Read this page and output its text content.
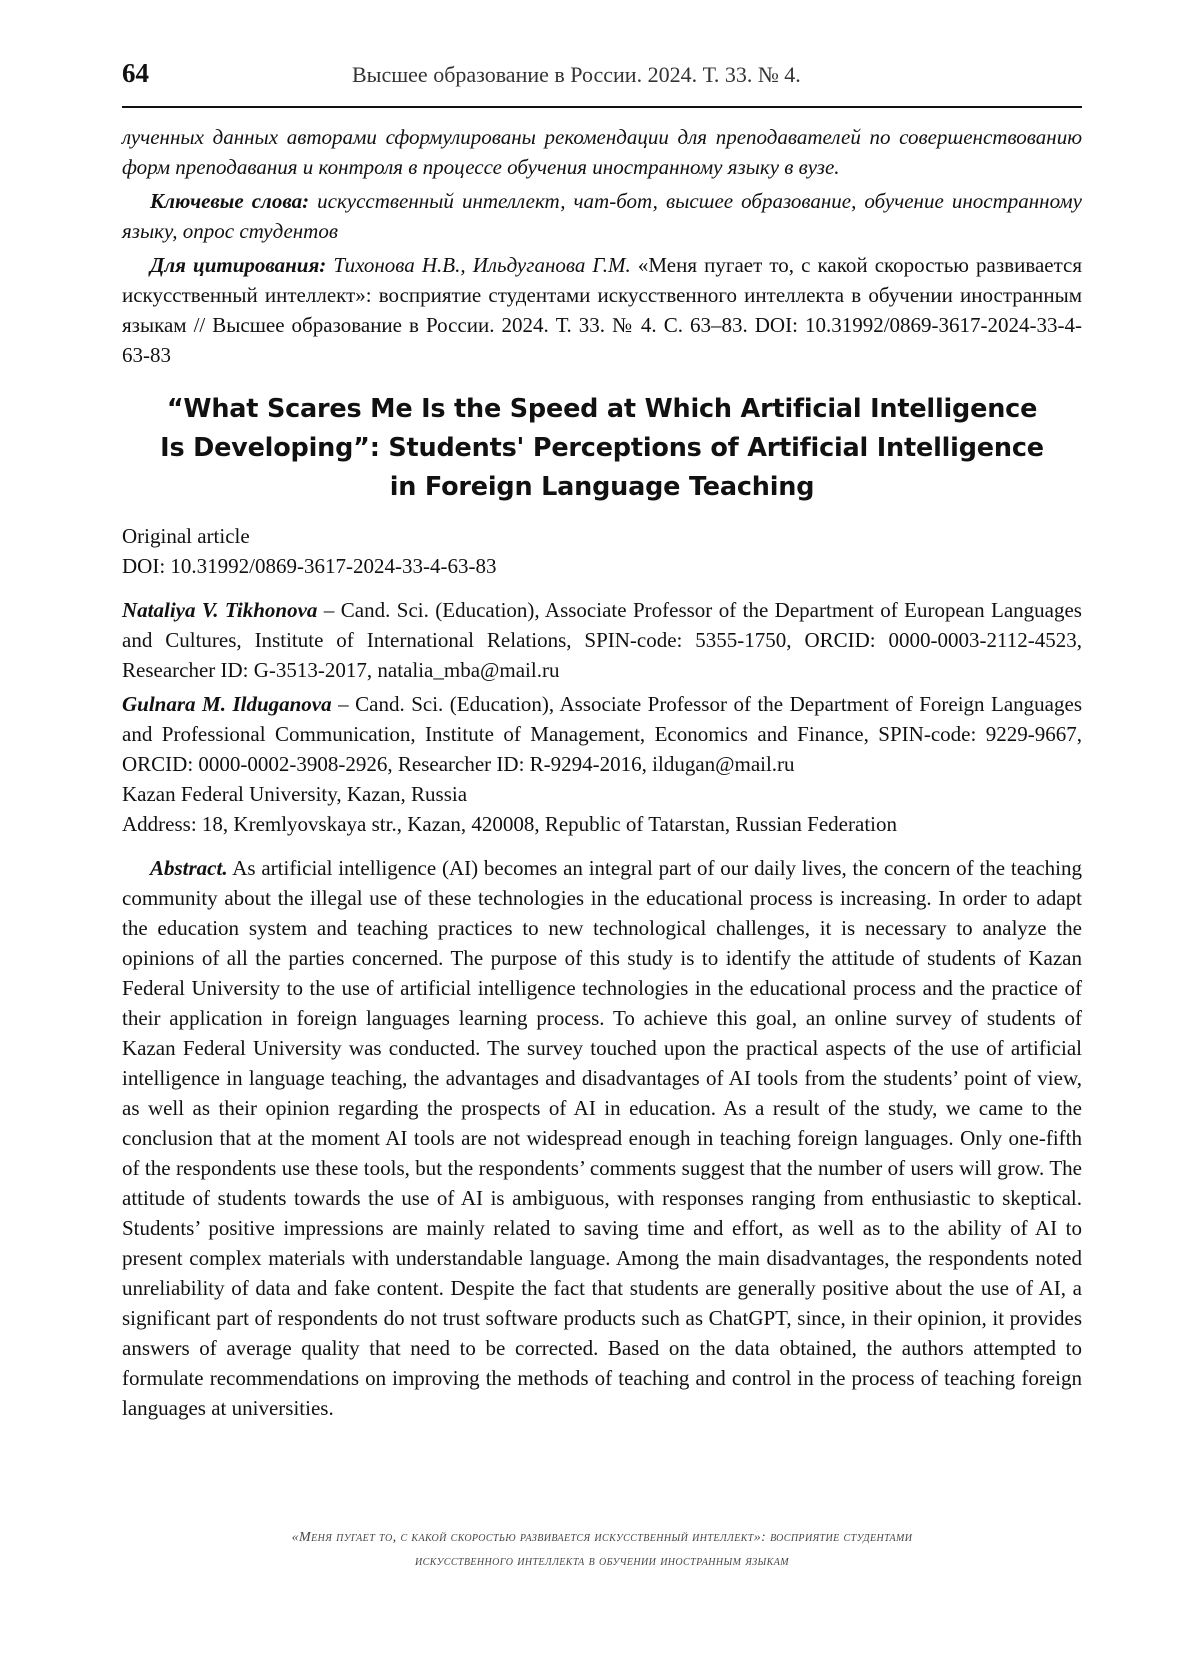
64	Высшее образование в России. 2024. Т. 33. № 4.

лученных данных авторами сформулированы рекомендации для преподавателей по совершенствованию форм преподавания и контроля в процессе обучения иностранному языку в вузе.

Ключевые слова: искусственный интеллект, чат-бот, высшее образование, обучение иностранному языку, опрос студентов

Для цитирования: Тихонова Н.В., Ильдуганова Г.М. «Меня пугает то, с какой скоростью развивается искусственный интеллект»: восприятие студентами искусственного интеллекта в обучении иностранным языкам // Высшее образование в России. 2024. Т. 33. № 4. С. 63–83. DOI: 10.31992/0869-3617-2024-33-4-63-83

“What Scares Me Is the Speed at Which Artificial Intelligence
Is Developing”: Students' Perceptions of Artificial Intelligence
in Foreign Language Teaching

Original article

DOI: 10.31992/0869-3617-2024-33-4-63-83

Nataliya V. Tikhonova – Cand. Sci. (Education), Associate Professor of the Department of European Languages and Cultures, Institute of International Relations, SPIN-code: 5355-1750, ORCID: 0000-0003-2112-4523, Researcher ID: G-3513-2017, natalia_mba@mail.ru

Gulnara M. Ilduganova – Cand. Sci. (Education), Associate Professor of the Department of Foreign Languages and Professional Communication, Institute of Management, Economics and Finance, SPIN-code: 9229-9667, ORCID: 0000-0002-3908-2926, Researcher ID: R-9294-2016, ildugan@mail.ru

Kazan Federal University, Kazan, Russia

Address: 18, Kremlyovskaya str., Kazan, 420008, Republic of Tatarstan, Russian Federation

Abstract. As artificial intelligence (AI) becomes an integral part of our daily lives, the concern of the teaching community about the illegal use of these technologies in the educational process is increasing. In order to adapt the education system and teaching practices to new technological challenges, it is necessary to analyze the opinions of all the parties concerned. The purpose of this study is to identify the attitude of students of Kazan Federal University to the use of artificial intelligence technologies in the educational process and the practice of their application in foreign languages learning process. To achieve this goal, an online survey of students of Kazan Federal University was conducted. The survey touched upon the practical aspects of the use of artificial intelligence in language teaching, the advantages and disadvantages of AI tools from the students’ point of view, as well as their opinion regarding the prospects of AI in education. As a result of the study, we came to the conclusion that at the moment AI tools are not widespread enough in teaching foreign languages. Only one-fifth of the respondents use these tools, but the respondents’ comments suggest that the number of users will grow. The attitude of students towards the use of AI is ambiguous, with responses ranging from enthusiastic to skeptical. Students’ positive impressions are mainly related to saving time and effort, as well as to the ability of AI to present complex materials with understandable language. Among the main disadvantages, the respondents noted unreliability of data and fake content. Despite the fact that students are generally positive about the use of AI, a significant part of respondents do not trust software products such as ChatGPT, since, in their opinion, it provides answers of average quality that need to be corrected. Based on the data obtained, the authors attempted to formulate recommendations on improving the methods of teaching and control in the process of teaching foreign languages at universities.

«Меня пугает то, с какой скоростью развивается искусственный интеллект»: восприятие студентами
искусственного интеллекта в обучении иностранным языкам
